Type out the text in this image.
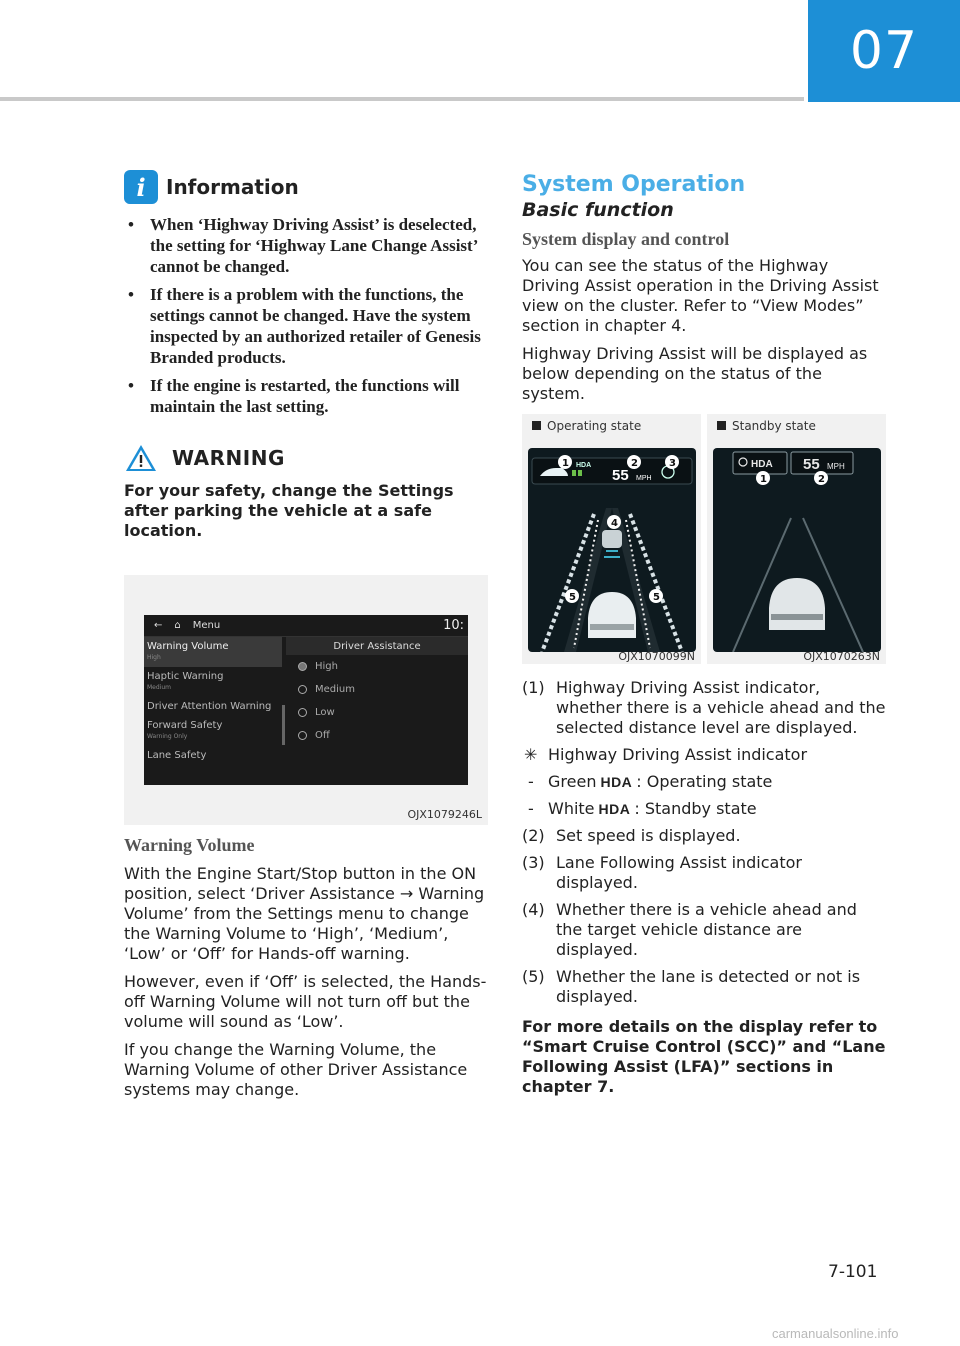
07
i	Information
• When ‘Highway Driving Assist’ is deselected, the setting for ‘Highway Lane Change Assist’ cannot be changed.
• If there is a problem with the functions, the settings cannot be changed. Have the system inspected by an authorized retailer of Genesis Branded products.
• If the engine is restarted, the functions will maintain the last setting.
WARNING
For your safety, change the Settings after parking the vehicle at a safe location.
← ⌂ Menu	10:
Warning Volume
High
Haptic Warning
Medium
Driver Attention Warning
Forward Safety
Warning Only
Lane Safety
Driver Assistance
High
Medium
Low
Off
OJX1079246L
Warning Volume

With the Engine Start/Stop button in the ON position, select ‘Driver Assistance → Warning Volume’ from the Settings menu to change the Warning Volume to ‘High’, ‘Medium’, ‘Low’ or ‘Off’ for Hands-off warning.

However, even if ‘Off’ is selected, the Hands-off Warning Volume will not turn off but the volume will sound as ‘Low’.

If you change the Warning Volume, the Warning Volume of other Driver Assistance systems may change.

System Operation
Basic function
System display and control

You can see the status of the Highway Driving Assist operation in the Driving Assist view on the cluster. Refer to “View Modes” section in chapter 4.

Highway Driving Assist will be displayed as below depending on the status of the system.

Operating state
HDA
55 MPH
1	2	3
4
5	5
OJX1070099N
Standby state
HDA 55 MPH
1	2
OJX1070263N
(1) Highway Driving Assist indicator, whether there is a vehicle ahead and the selected distance level are displayed.
✳ Highway Driving Assist indicator
- Green HDA : Operating state
- White HDA : Standby state
(2) Set speed is displayed.
(3) Lane Following Assist indicator displayed.
(4) Whether there is a vehicle ahead and the target vehicle distance are displayed.
(5) Whether the lane is detected or not is displayed.

For more details on the display refer to “Smart Cruise Control (SCC)” and “Lane Following Assist (LFA)” sections in chapter 7.

7-101
carmanualsonline.info
